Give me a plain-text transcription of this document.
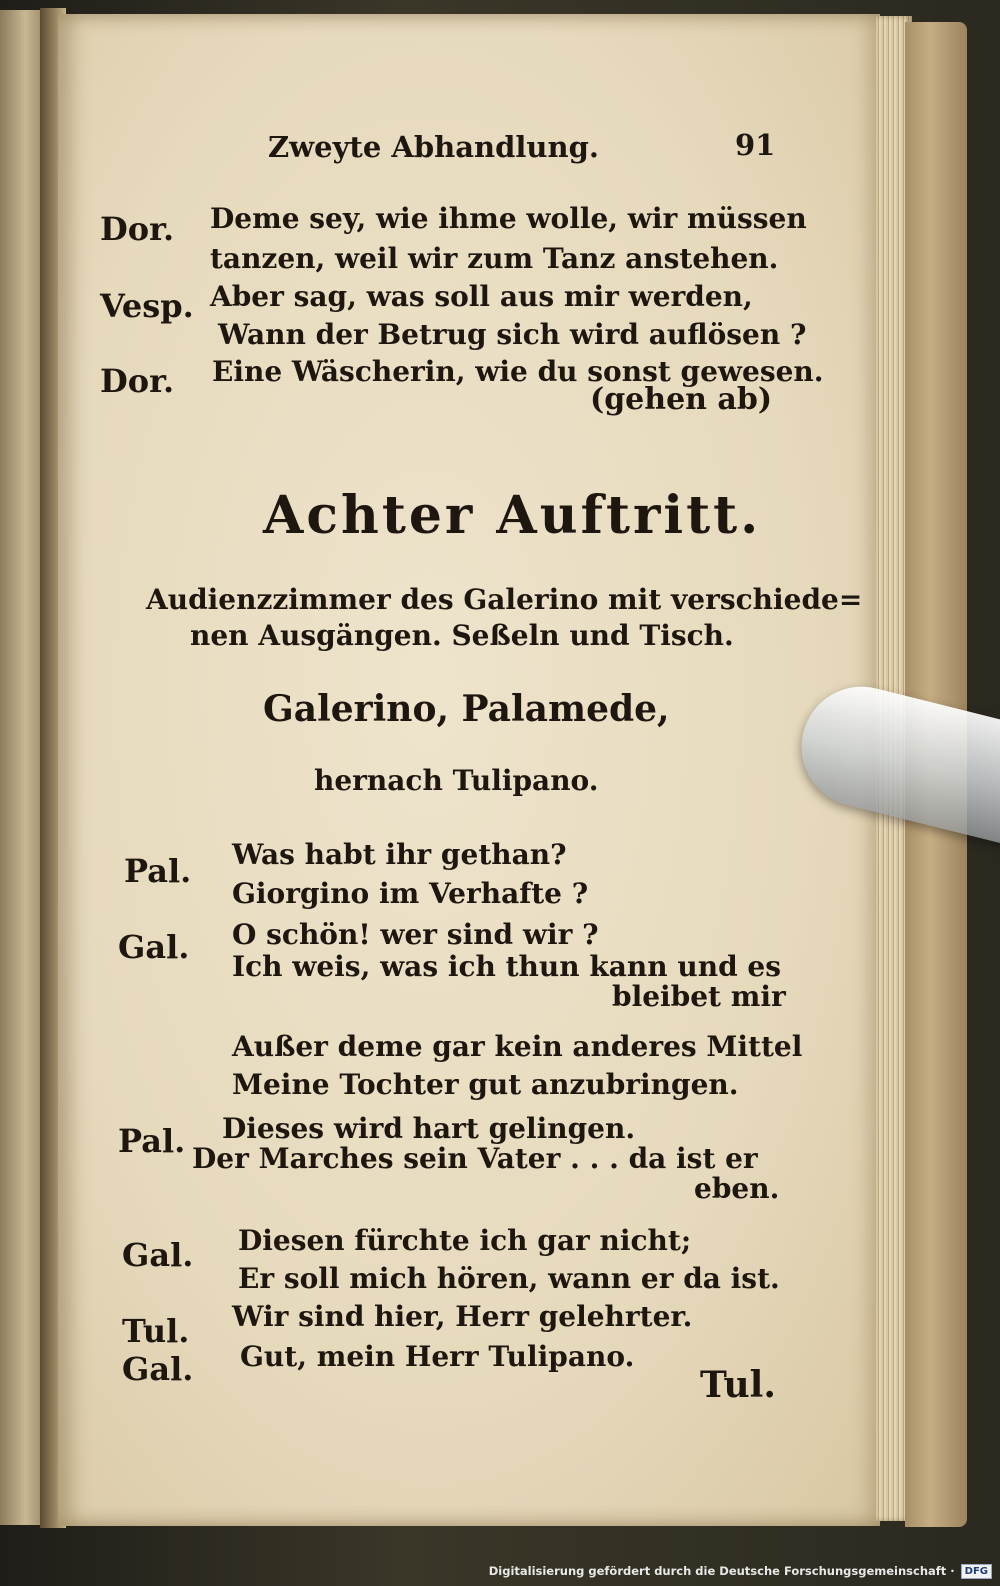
Zweyte Abhandlung.	91
Dor. Deme sey, wie ihme wolle, wir müssen
tanzen, weil wir zum Tanz anstehen.
Vesp. Aber sag, was soll aus mir werden,
Wann der Betrug sich wird auflösen ?
Dor. Eine Wäscherin, wie du sonst gewesen.
(gehen ab)
Achter Auftritt.
Audienzzimmer des Galerino mit verschiede=
nen Ausgängen. Seßeln und Tisch.
Galerino, Palamede,
hernach Tulipano.
Pal. Was habt ihr gethan?
Giorgino im Verhafte ?
Gal. O schön! wer sind wir ?
Ich weis, was ich thun kann und es
bleibet mir
Außer deme gar kein anderes Mittel
Meine Tochter gut anzubringen.
Pal. Dieses wird hart gelingen.
Der Marches sein Vater . . . da ist er
eben.
Gal. Diesen fürchte ich gar nicht;
Er soll mich hören, wann er da ist.
Tul. Wir sind hier, Herr gelehrter.
Gal. Gut, mein Herr Tulipano.
Tul.
Digitalisierung gefördert durch die Deutsche Forschungsgemeinschaft ·	DFG
